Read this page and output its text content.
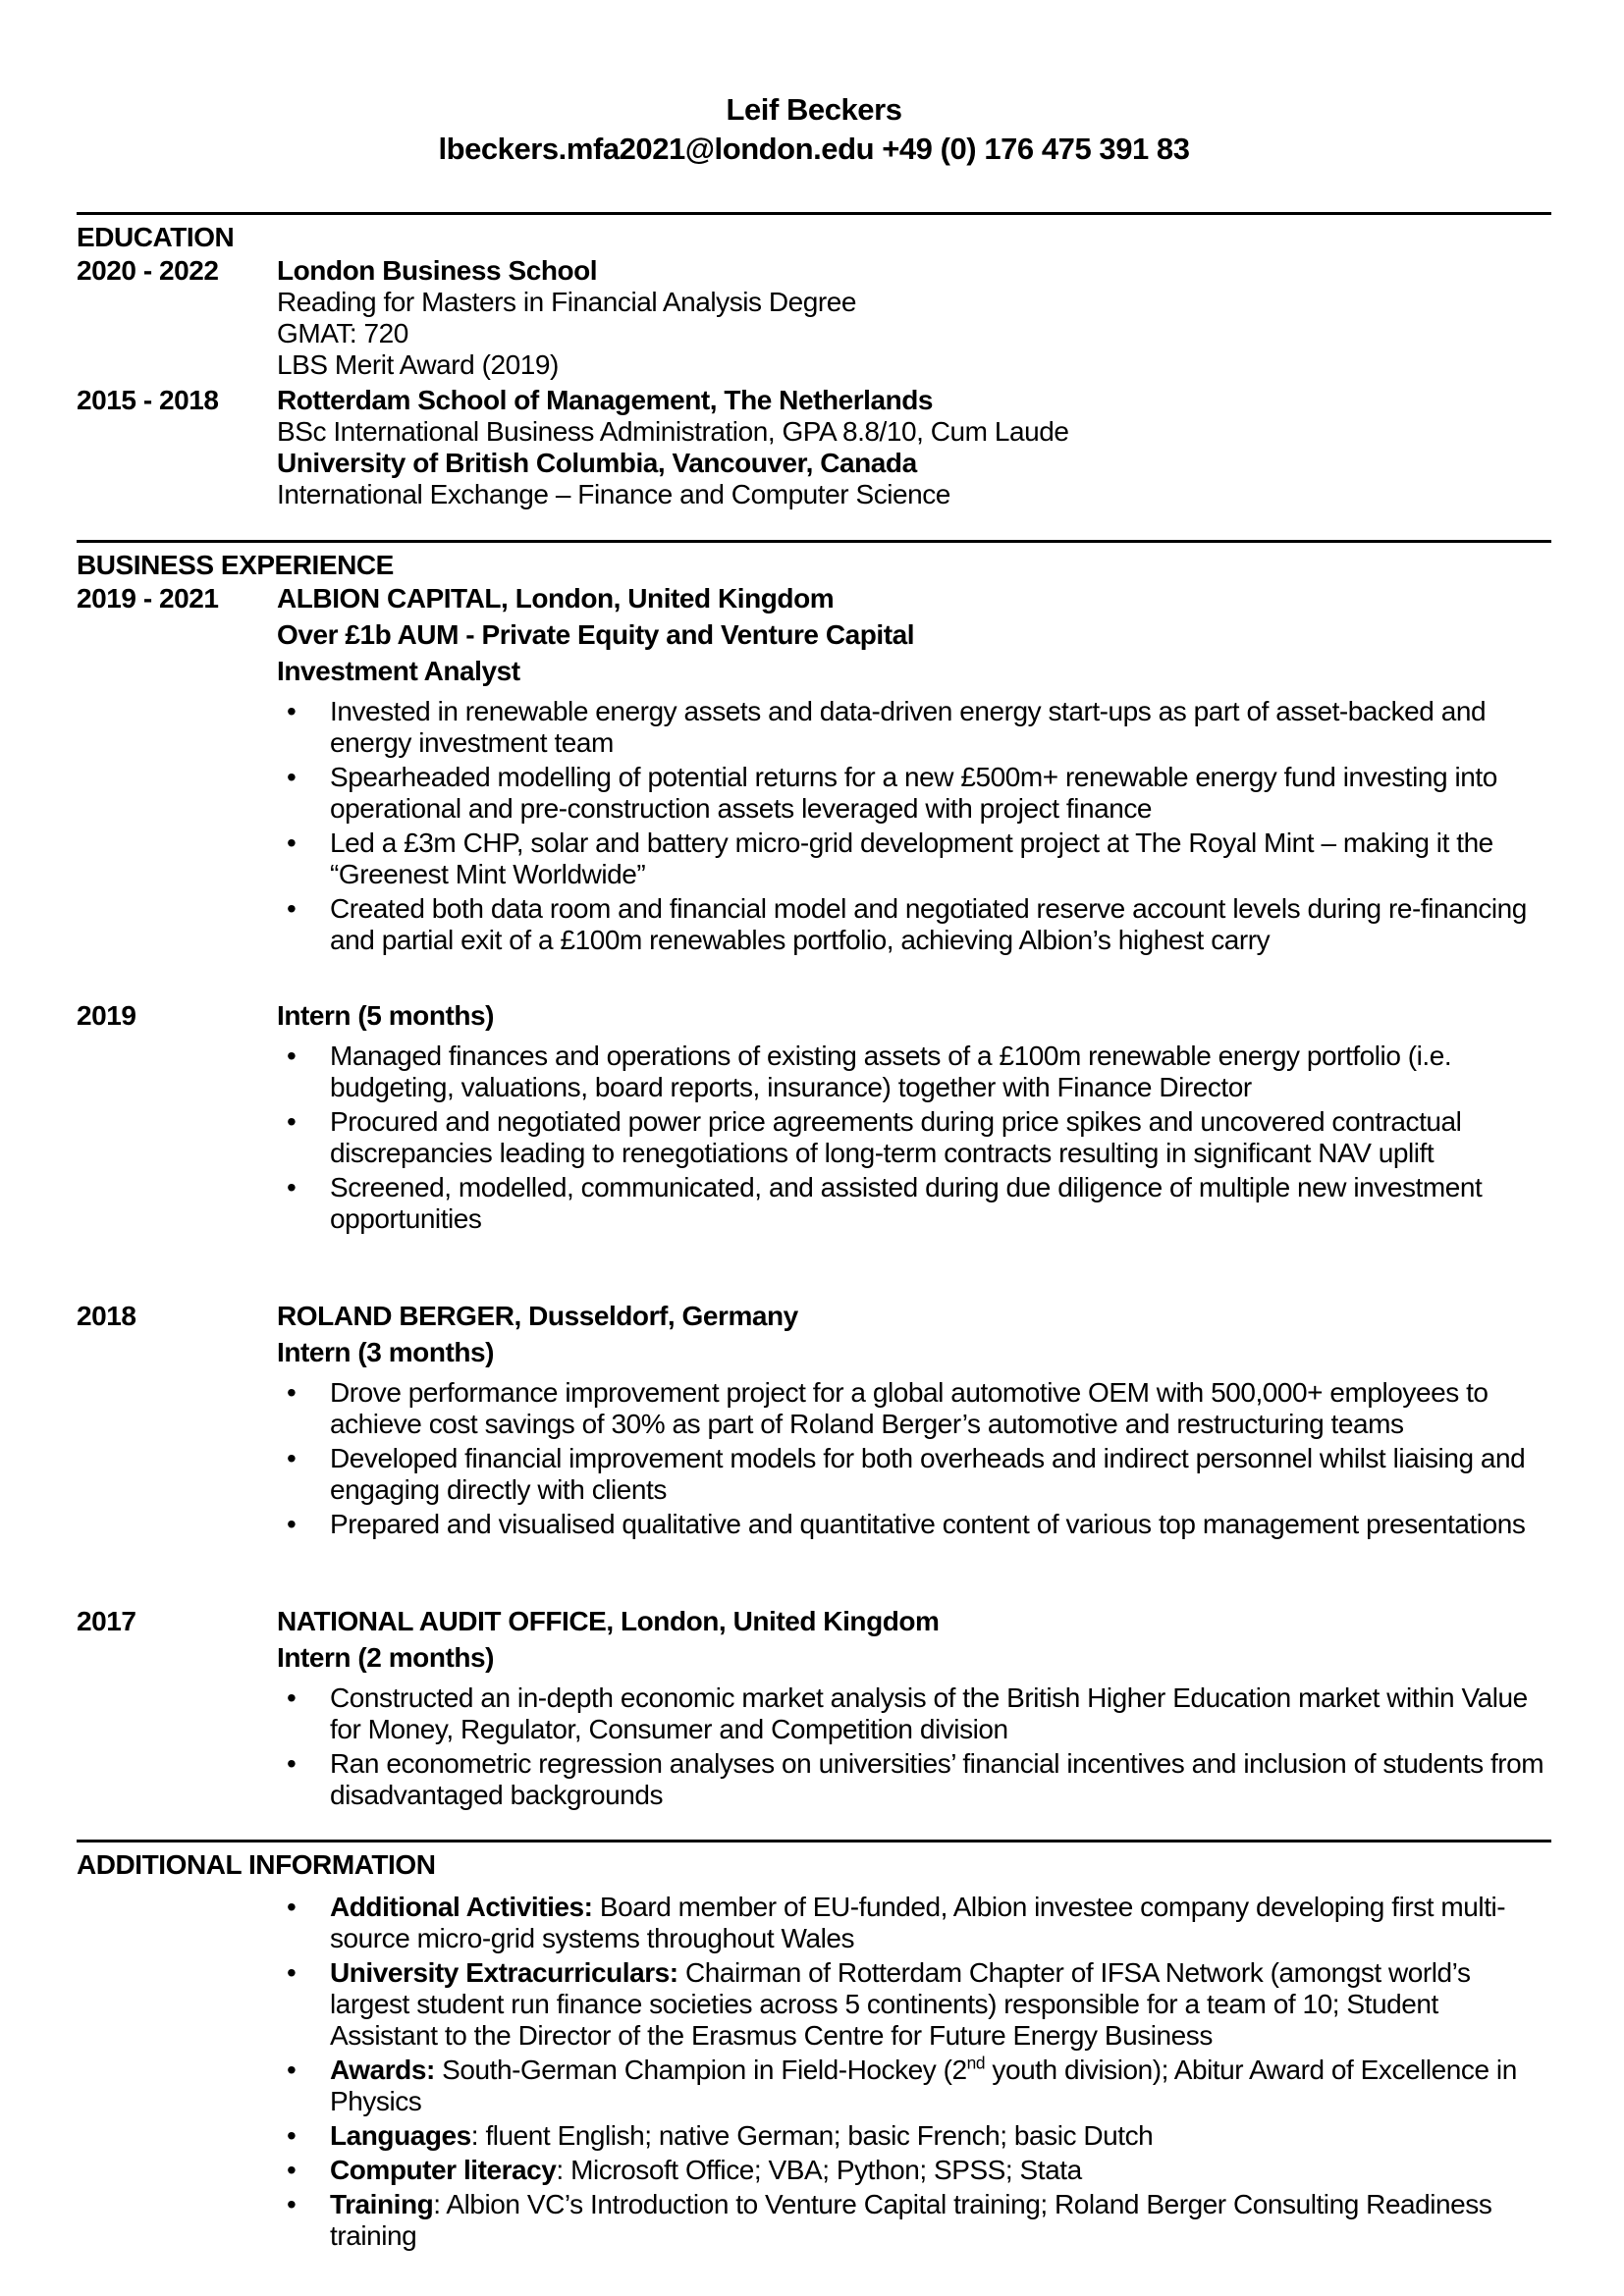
Leif Beckers
lbeckers.mfa2021@london.edu +49 (0) 176 475 391 83
EDUCATION
2020 - 2022	London Business School
Reading for Masters in Financial Analysis Degree
GMAT: 720
LBS Merit Award (2019)
2015 - 2018	Rotterdam School of Management, The Netherlands
BSc International Business Administration, GPA 8.8/10, Cum Laude
University of British Columbia, Vancouver, Canada
International Exchange – Finance and Computer Science
BUSINESS EXPERIENCE
2019 - 2021	ALBION CAPITAL, London, United Kingdom
Over £1b AUM - Private Equity and Venture Capital
Investment Analyst
• Invested in renewable energy assets and data-driven energy start-ups as part of asset-backed and energy investment team
• Spearheaded modelling of potential returns for a new £500m+ renewable energy fund investing into operational and pre-construction assets leveraged with project finance
• Led a £3m CHP, solar and battery micro-grid development project at The Royal Mint – making it the “Greenest Mint Worldwide”
• Created both data room and financial model and negotiated reserve account levels during re-financing and partial exit of a £100m renewables portfolio, achieving Albion’s highest carry
2019	Intern (5 months)
• Managed finances and operations of existing assets of a £100m renewable energy portfolio (i.e. budgeting, valuations, board reports, insurance) together with Finance Director
• Procured and negotiated power price agreements during price spikes and uncovered contractual discrepancies leading to renegotiations of long-term contracts resulting in significant NAV uplift
• Screened, modelled, communicated, and assisted during due diligence of multiple new investment opportunities
2018	ROLAND BERGER, Dusseldorf, Germany
Intern (3 months)
• Drove performance improvement project for a global automotive OEM with 500,000+ employees to achieve cost savings of 30% as part of Roland Berger’s automotive and restructuring teams
• Developed financial improvement models for both overheads and indirect personnel whilst liaising and engaging directly with clients
• Prepared and visualised qualitative and quantitative content of various top management presentations
2017	NATIONAL AUDIT OFFICE, London, United Kingdom
Intern (2 months)
• Constructed an in-depth economic market analysis of the British Higher Education market within Value for Money, Regulator, Consumer and Competition division
• Ran econometric regression analyses on universities’ financial incentives and inclusion of students from disadvantaged backgrounds
ADDITIONAL INFORMATION
• Additional Activities: Board member of EU-funded, Albion investee company developing first multi-source micro-grid systems throughout Wales
• University Extracurriculars: Chairman of Rotterdam Chapter of IFSA Network (amongst world’s largest student run finance societies across 5 continents) responsible for a team of 10; Student Assistant to the Director of the Erasmus Centre for Future Energy Business
• Awards: South-German Champion in Field-Hockey (2nd youth division); Abitur Award of Excellence in Physics
• Languages: fluent English; native German; basic French; basic Dutch
• Computer literacy: Microsoft Office; VBA; Python; SPSS; Stata
• Training: Albion VC’s Introduction to Venture Capital training; Roland Berger Consulting Readiness training
